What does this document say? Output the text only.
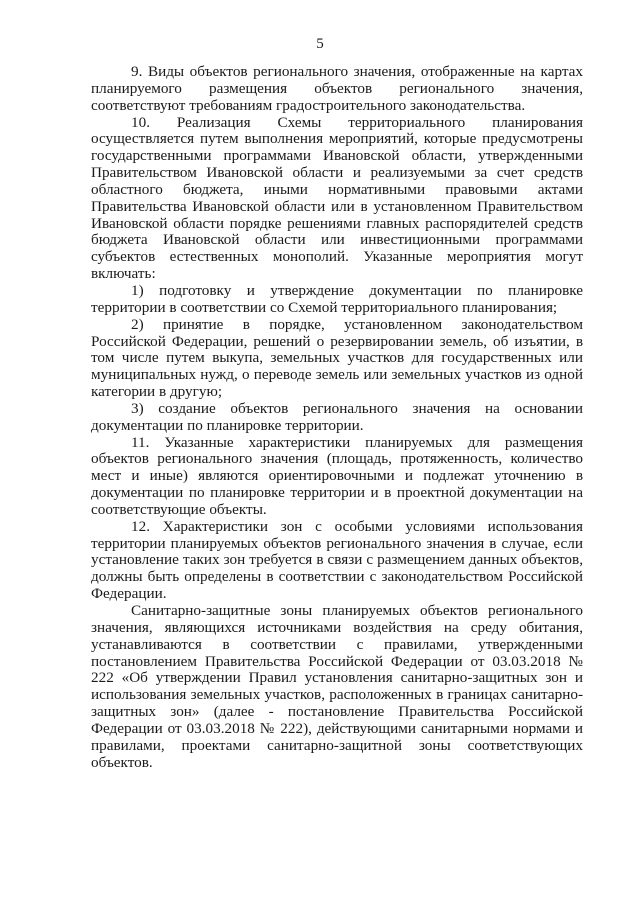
5

9. Виды объектов регионального значения, отображенные на картах планируемого размещения объектов регионального значения, соответствуют требованиям градостроительного законодательства.

10. Реализация Схемы территориального планирования осуществляется путем выполнения мероприятий, которые предусмотрены государственными программами Ивановской области, утвержденными Правительством Ивановской области и реализуемыми за счет средств областного бюджета, иными нормативными правовыми актами Правительства Ивановской области или в установленном Правительством Ивановской области порядке решениями главных распорядителей средств бюджета Ивановской области или инвестиционными программами субъектов естественных монополий. Указанные мероприятия могут включать:

1) подготовку и утверждение документации по планировке территории в соответствии со Схемой территориального планирования;

2) принятие в порядке, установленном законодательством Российской Федерации, решений о резервировании земель, об изъятии, в том числе путем выкупа, земельных участков для государственных или муниципальных нужд, о переводе земель или земельных участков из одной категории в другую;

3) создание объектов регионального значения на основании документации по планировке территории.

11. Указанные характеристики планируемых для размещения объектов регионального значения (площадь, протяженность, количество мест и иные) являются ориентировочными и подлежат уточнению в документации по планировке территории и в проектной документации на соответствующие объекты.

12. Характеристики зон с особыми условиями использования территории планируемых объектов регионального значения в случае, если установление таких зон требуется в связи с размещением данных объектов, должны быть определены в соответствии с законодательством Российской Федерации.

Санитарно-защитные зоны планируемых объектов регионального значения, являющихся источниками воздействия на среду обитания, устанавливаются в соответствии с правилами, утвержденными постановлением Правительства Российской Федерации от 03.03.2018 № 222 «Об утверждении Правил установления санитарно-защитных зон и использования земельных участков, расположенных в границах санитарно-защитных зон» (далее - постановление Правительства Российской Федерации от 03.03.2018 № 222), действующими санитарными нормами и правилами, проектами санитарно-защитной зоны соответствующих объектов.
